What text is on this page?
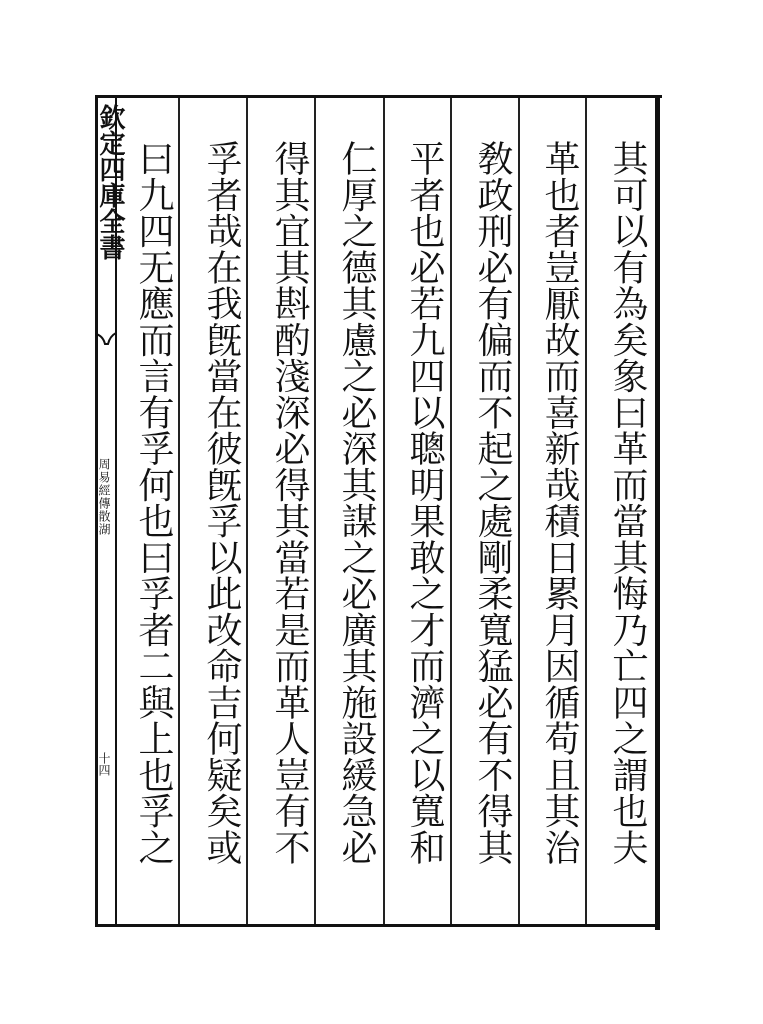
其可以有為矣象曰革而當其悔乃亡四之謂也夫
革也者豈厭故而喜新哉積日累月因循苟且其治
敎政刑必有偏而不起之處剛柔寬猛必有不得其
平者也必若九四以聰明果敢之才而濟之以寬和
仁厚之德其慮之必深其謀之必廣其施設緩急必
得其宜其斟酌淺深必得其當若是而革人豈有不
孚者哉在我旣當在彼旣孚以此改命吉何疑矣或
曰九四无應而言有孚何也曰孚者二與上也孚之
欽定四庫全書
周易經傳散湖
十四
